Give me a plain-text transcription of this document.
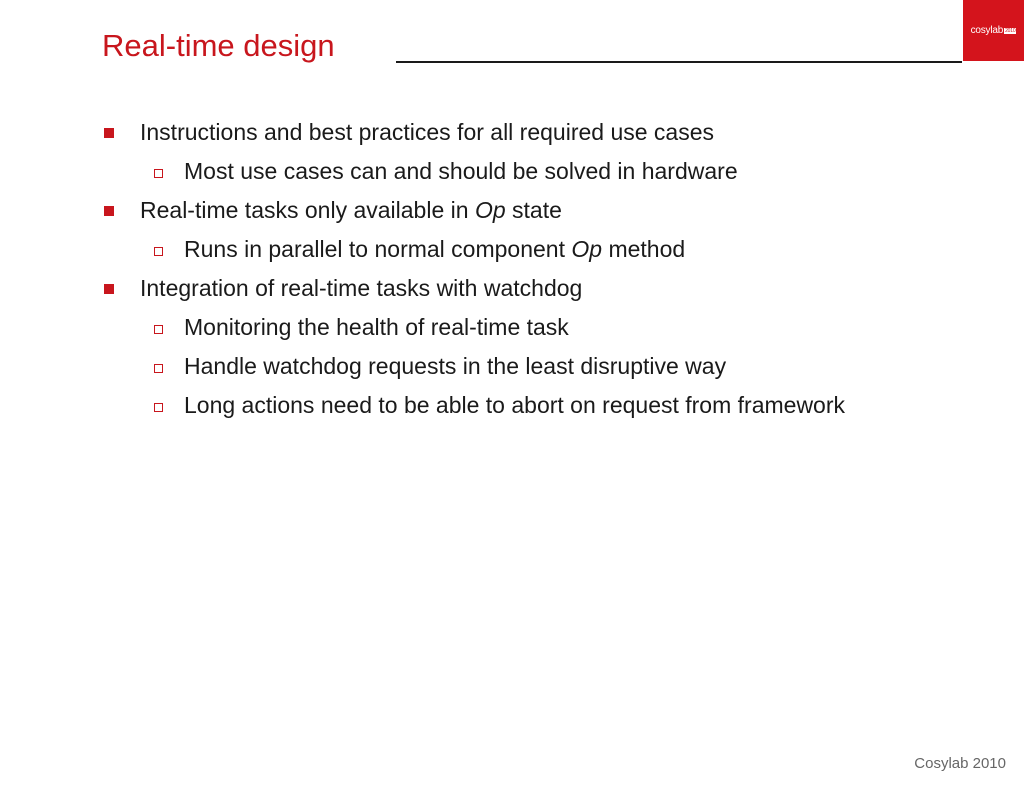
Real-time design	cosylab 2010
Instructions and best practices for all required use cases
Most use cases can and should be solved in hardware
Real-time tasks only available in Op state
Runs in parallel to normal component Op method
Integration of real-time tasks with watchdog
Monitoring the health of real-time task
Handle watchdog requests in the least disruptive way
Long actions need to be able to abort on request from framework
Cosylab 2010
